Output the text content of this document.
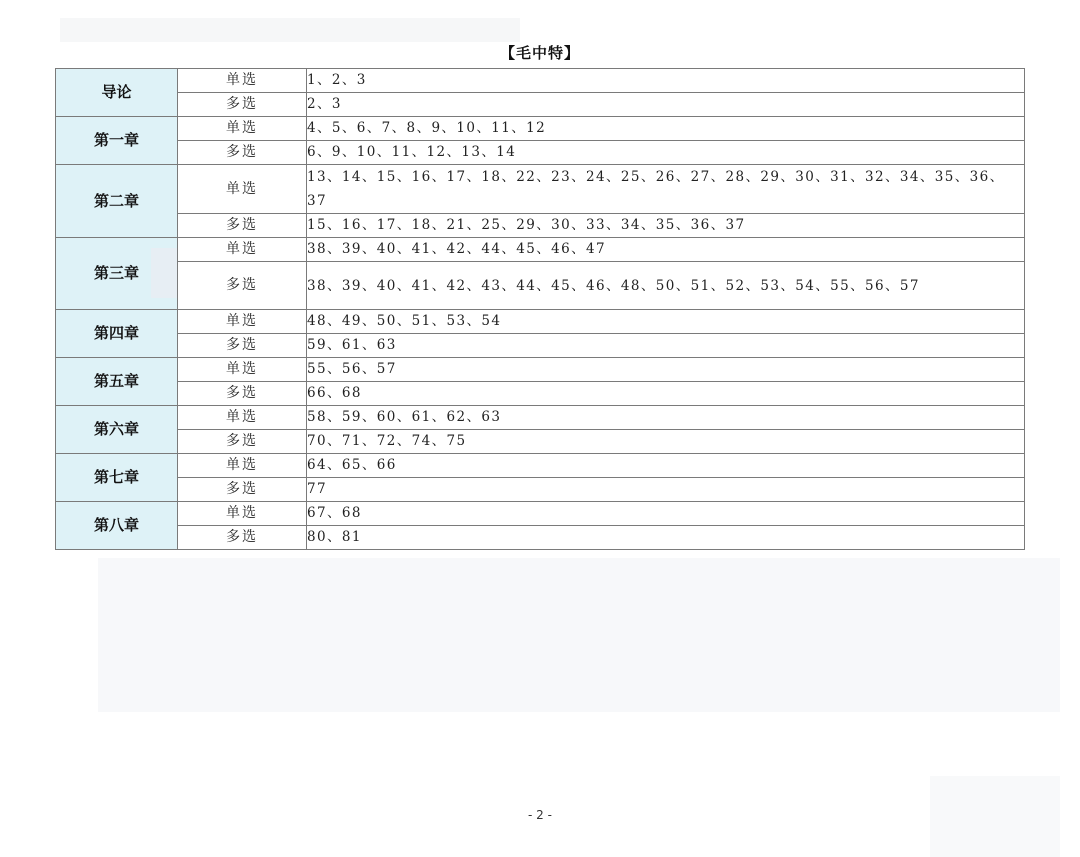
【毛中特】
导论	单选	1、2、3
	多选	2、3
第一章	单选	4、5、6、7、8、9、10、11、12
	多选	6、9、10、11、12、13、14
第二章	单选	13、14、15、16、17、18、22、23、24、25、26、27、28、29、30、31、32、34、35、36、37
	多选	15、16、17、18、21、25、29、30、33、34、35、36、37

第三章	单选	38、39、40、41、42、44、45、46、47
	多选	38、39、40、41、42、43、44、45、46、48、50、51、52、53、54、55、56、57
第四章	单选	48、49、50、51、53、54
	多选	59、61、63
第五章	单选	55、56、57
	多选	66、68
第六章	单选	58、59、60、61、62、63
	多选	70、71、72、74、75
第七章	单选	64、65、66
	多选	77
第八章	单选	67、68
	多选	80、81
- 2 -
